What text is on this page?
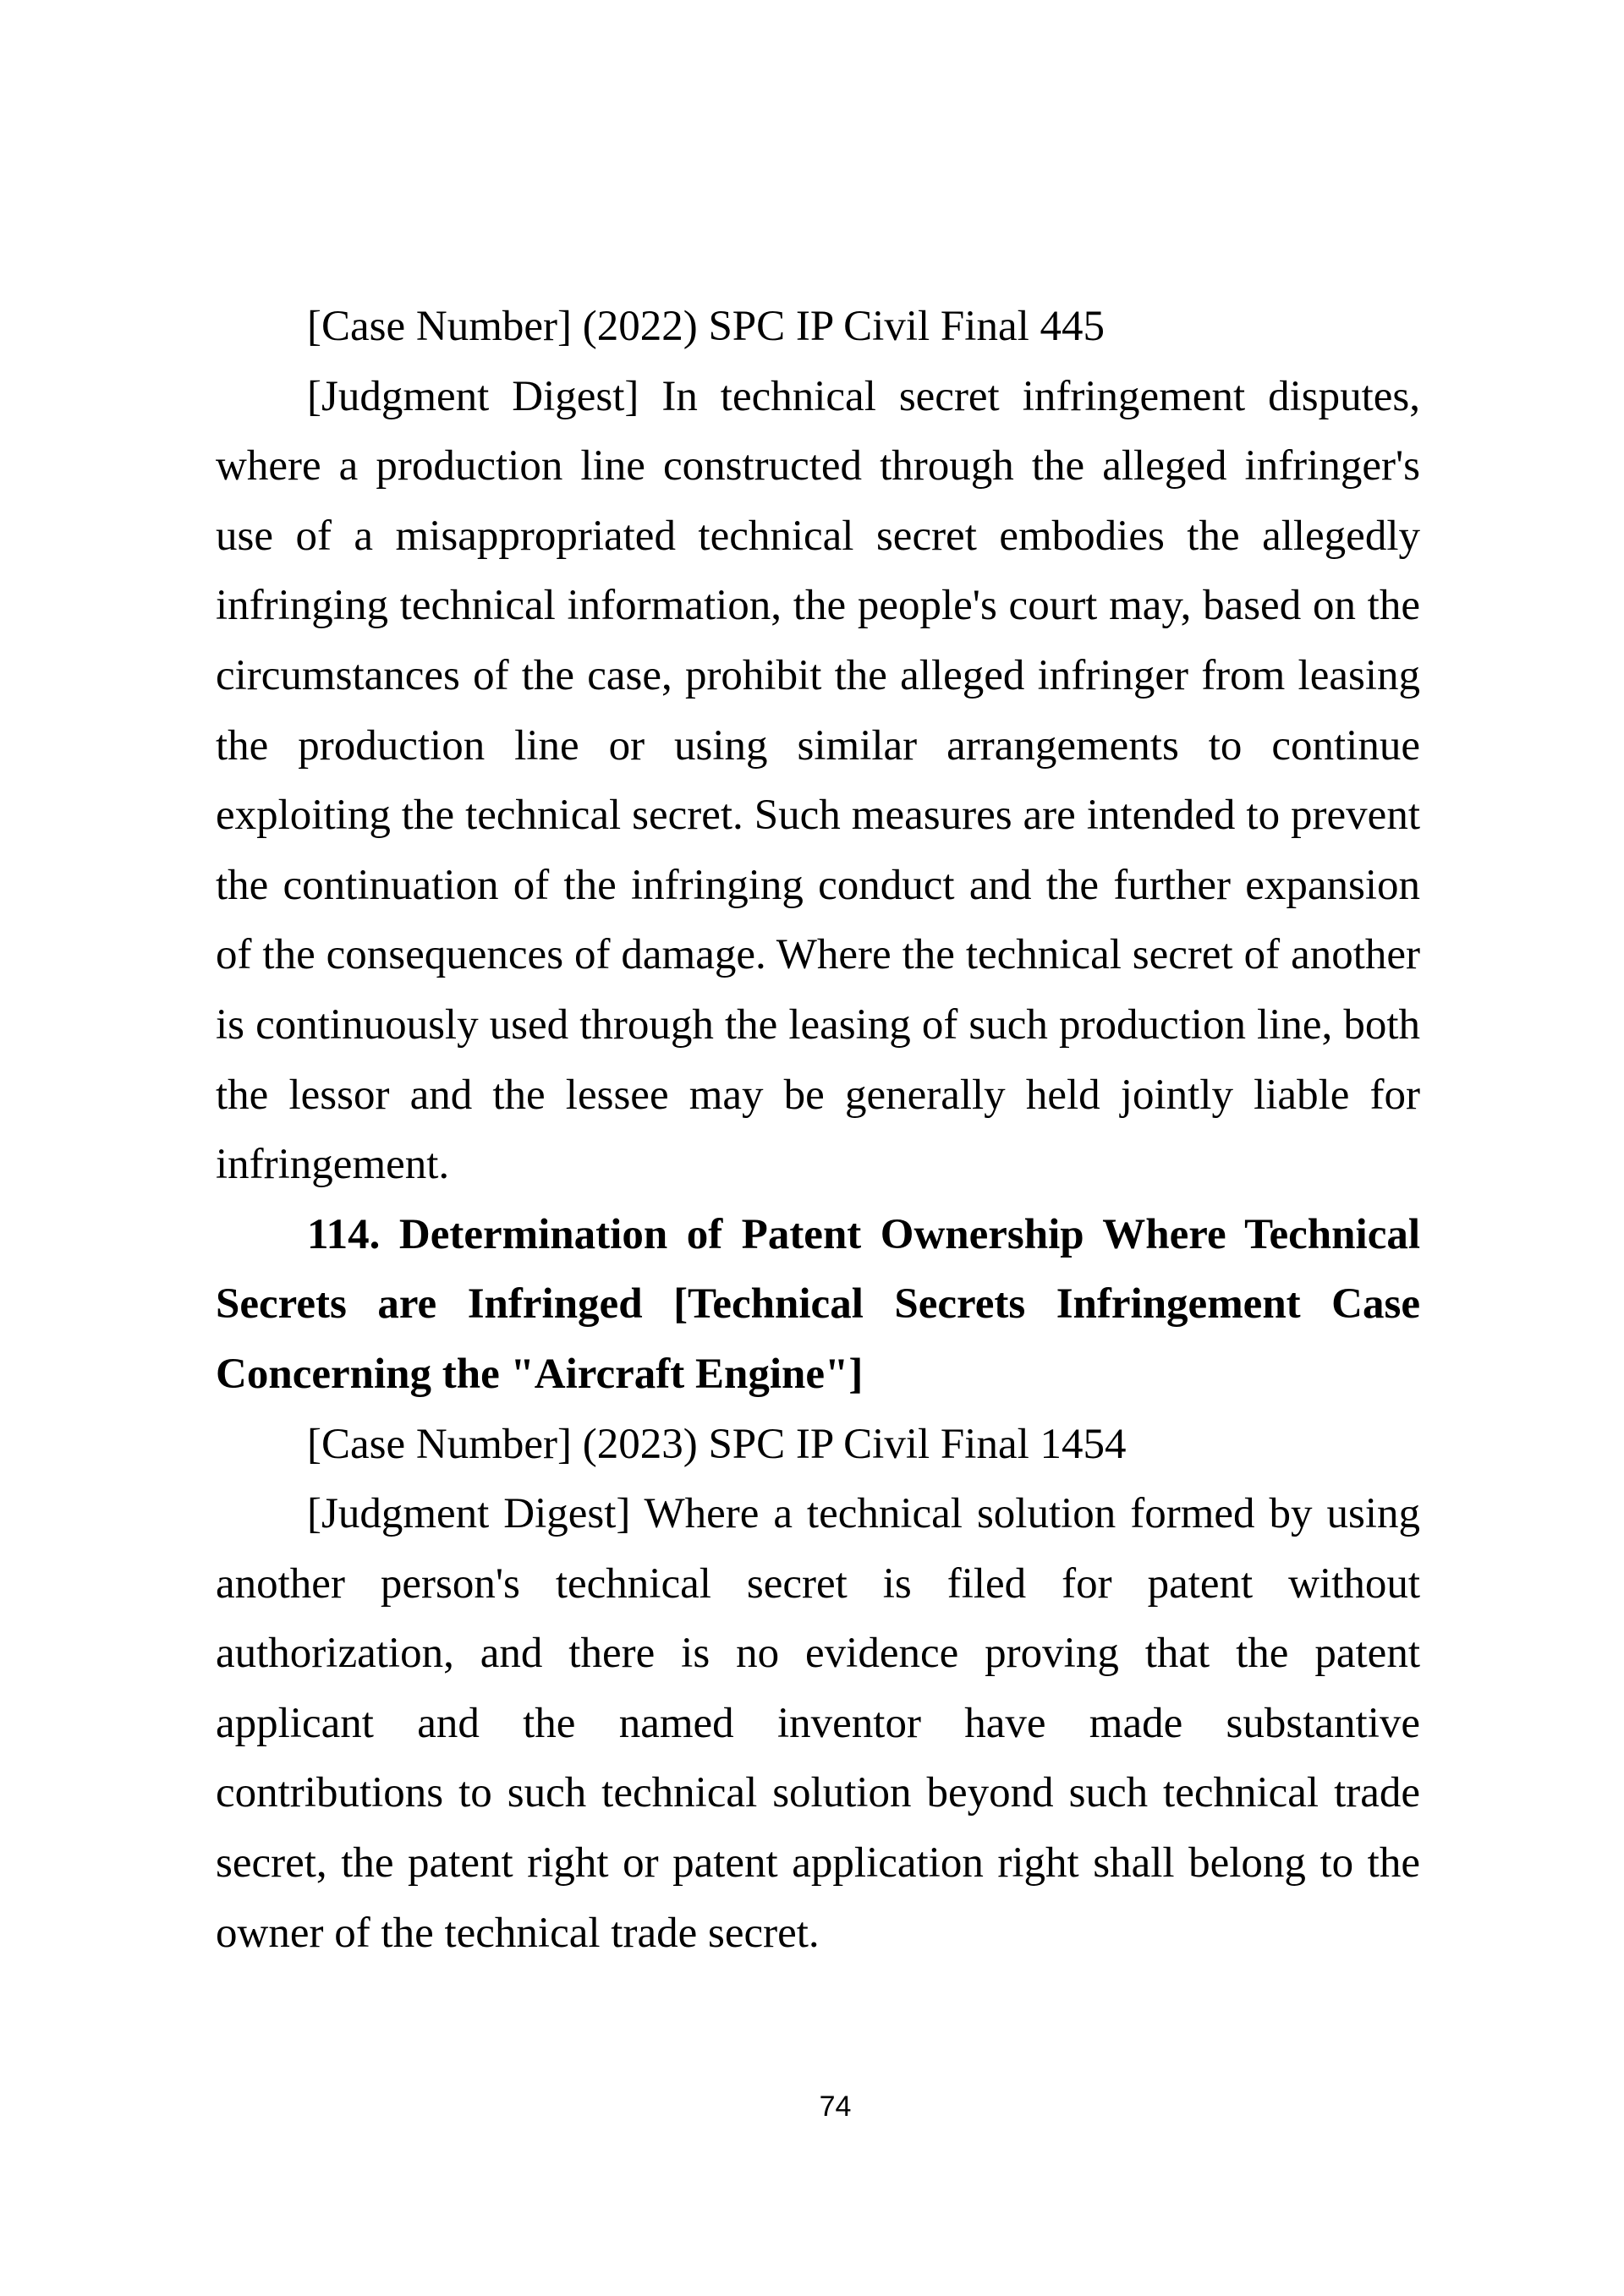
[Case Number] (2022) SPC IP Civil Final 445

[Judgment Digest] In technical secret infringement disputes, where a production line constructed through the alleged infringer's use of a misappropriated technical secret embodies the allegedly infringing technical information, the people's court may, based on the circumstances of the case, prohibit the alleged infringer from leasing the production line or using similar arrangements to continue exploiting the technical secret. Such measures are intended to prevent the continuation of the infringing conduct and the further expansion of the consequences of damage. Where the technical secret of another is continuously used through the leasing of such production line, both the lessor and the lessee may be generally held jointly liable for infringement.

114. Determination of Patent Ownership Where Technical Secrets are Infringed [Technical Secrets Infringement Case Concerning the "Aircraft Engine"]

[Case Number] (2023) SPC IP Civil Final 1454

[Judgment Digest] Where a technical solution formed by using another person's technical secret is filed for patent without authorization, and there is no evidence proving that the patent applicant and the named inventor have made substantive contributions to such technical solution beyond such technical trade secret, the patent right or patent application right shall belong to the owner of the technical trade secret.

74
